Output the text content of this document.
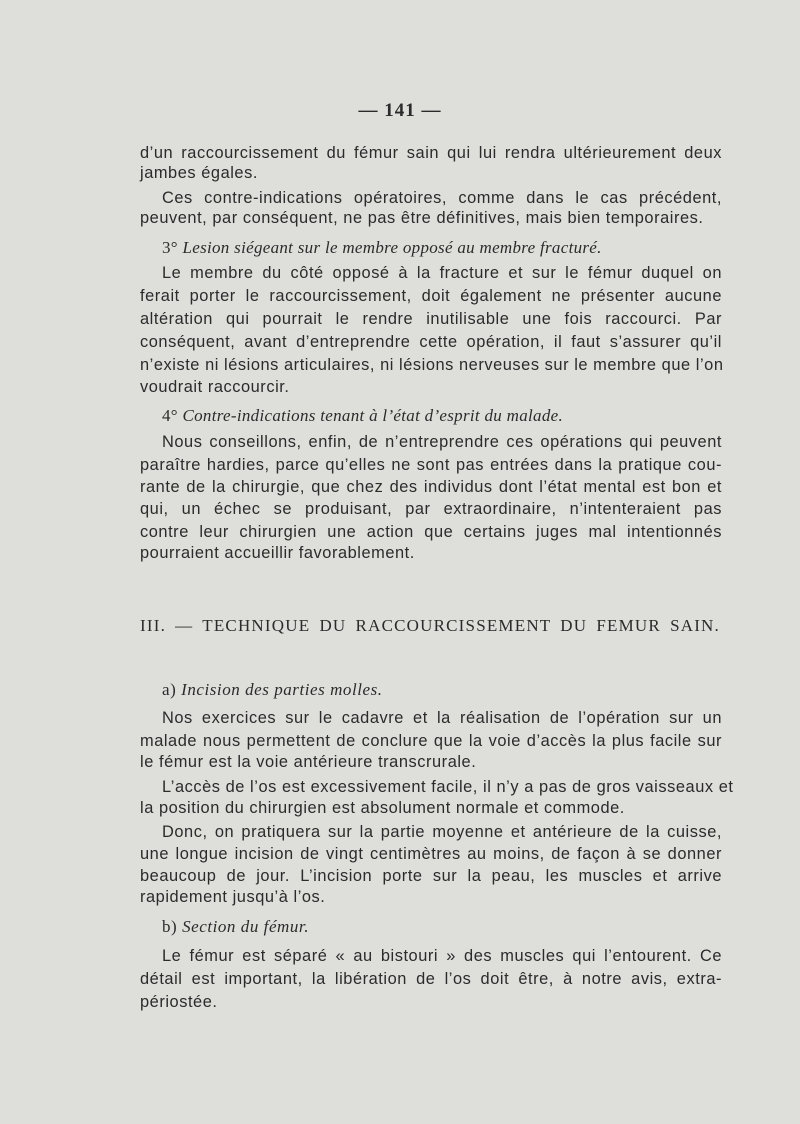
— 141 —
d’un raccourcissement du fémur sain qui lui rendra ultérieurement deux
jambes égales.
Ces contre-indications opératoires, comme dans le cas précédent,
peuvent, par conséquent, ne pas être définitives, mais bien temporaires.
3° Lesion siégeant sur le membre opposé au membre fracturé.
Le membre du côté opposé à la fracture et sur le fémur duquel on
ferait porter le raccourcissement, doit également ne présenter aucune
altération qui pourrait le rendre inutilisable une fois raccourci. Par
conséquent, avant d’entreprendre cette opération, il faut s’assurer qu’il
n’existe ni lésions articulaires, ni lésions nerveuses sur le membre que l’on
voudrait raccourcir.
4° Contre-indications tenant à l’état d’esprit du malade.
Nous conseillons, enfin, de n’entreprendre ces opérations qui peuvent
paraître hardies, parce qu’elles ne sont pas entrées dans la pratique cou-
rante de la chirurgie, que chez des individus dont l’état mental est bon et
qui, un échec se produisant, par extraordinaire, n’intenteraient pas
contre leur chirurgien une action que certains juges mal intentionnés
pourraient accueillir favorablement.
III. — TECHNIQUE DU RACCOURCISSEMENT DU FEMUR SAIN.
a) Incision des parties molles.
Nos exercices sur le cadavre et la réalisation de l’opération sur un
malade nous permettent de conclure que la voie d’accès la plus facile sur
le fémur est la voie antérieure transcrurale.
L’accès de l’os est excessivement facile, il n’y a pas de gros vaisseaux et
la position du chirurgien est absolument normale et commode.
Donc, on pratiquera sur la partie moyenne et antérieure de la cuisse,
une longue incision de vingt centimètres au moins, de façon à se donner
beaucoup de jour. L’incision porte sur la peau, les muscles et arrive
rapidement jusqu’à l’os.
b) Section du fémur.
Le fémur est séparé « au bistouri » des muscles qui l’entourent. Ce
détail est important, la libération de l’os doit être, à notre avis, extra-
périostée.
